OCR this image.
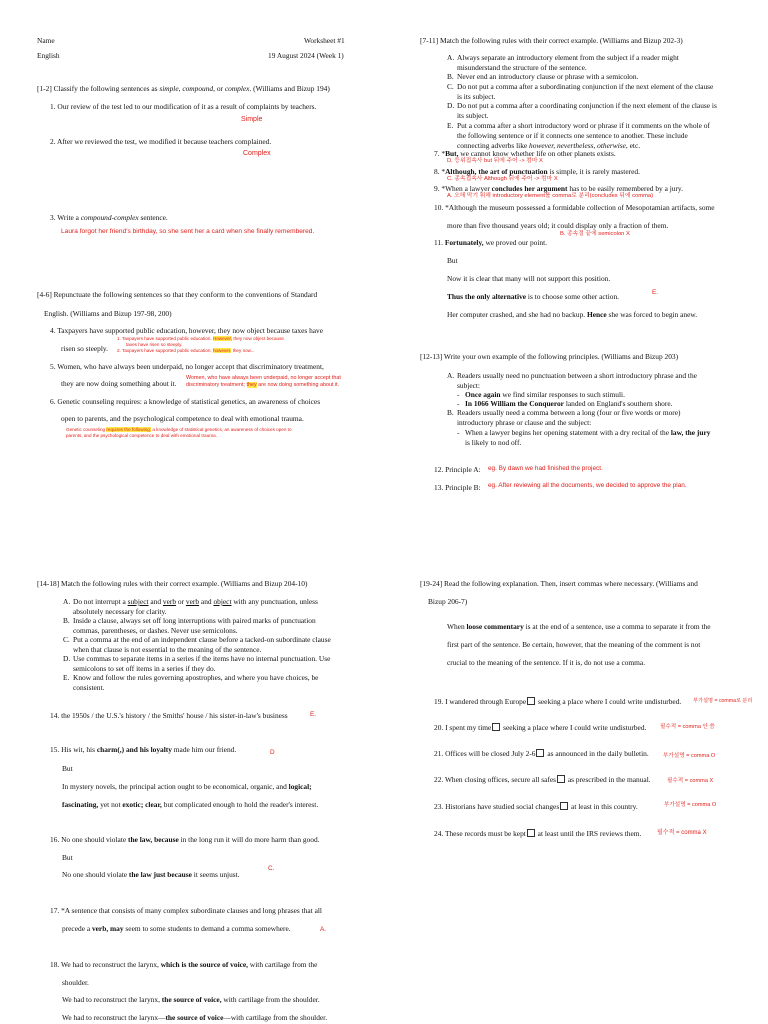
Name	Worksheet #1
English	19 August 2024 (Week 1)
[1-2] Classify the following sentences as simple, compound, or complex. (Williams and Bizup 194)
1. Our review of the test led to our modification of it as a result of complaints by teachers.
Simple
2. After we reviewed the test, we modified it because teachers complained.
Complex
3. Write a compound-complex sentence.
Laura forgot her friend's birthday, so she sent her a card when she finally remembered.
[4-6] Repunctuate the following sentences so that they conform to the conventions of Standard
English. (Williams and Bizup 197-98, 200)
4. Taxpayers have supported public education, however, they now object because taxes have
risen so steeply.
1. Taxpayers have supported public education. However, they now object because
taxes have risen so steeply.
2. Taxpayers have supported public education; however, they now...
5. Women, who have always been underpaid, no longer accept that discriminatory treatment,
they are now doing something about it.
Women, who have always been underpaid, no longer accept that
discriminatory treatment; they are now doing something about it.
6. Genetic counseling requires: a knowledge of statistical genetics, an awareness of choices
open to parents, and the psychological competence to deal with emotional trauma.
Genetic counseling requires the following: a knowledge of statistical genetics, an awareness of choices open to
parents, and the psychological competence to deal with emotional trauma.
[7-11] Match the following rules with their correct example. (Williams and Bizup 202-3)
A. Always separate an introductory element from the subject if a reader might
misunderstand the structure of the sentence.
B. Never end an introductory clause or phrase with a semicolon.
C. Do not put a comma after a subordinating conjunction if the next element of the clause
is its subject.
D. Do not put a comma after a coordinating conjunction if the next element of the clause is
its subject.
E. Put a comma after a short introductory word or phrase if it comments on the whole of
the following sentence or if it connects one sentence to another. These include
connecting adverbs like however, nevertheless, otherwise, etc.
7. *But, we cannot know whether life on other planets exists.
D. 등위접속사 but 뒤에 주어 -> 컴마 X
8. *Although, the art of punctuation is simple, it is rarely mastered.
C. 종속접속사 Although 뒤에 주어 -> 컴마 X
9. *When a lawyer concludes her argument has to be easily remembered by a jury.
A. 오해 막기 위해 introductory element를 comma로 분리(concludes 뒤에 comma)
10. *Although the museum possessed a formidable collection of Mesopotamian artifacts, some
more than five thousand years old; it could display only a fraction of them.
B. 종속절 끝에 semicolon X
11. Fortunately, we proved our point.
But
Now it is clear that many will not support this position.
Thus the only alternative is to choose some other action.	E.
Her computer crashed, and she had no backup. Hence she was forced to begin anew.
[12-13] Write your own example of the following principles. (Williams and Bizup 203)
A. Readers usually need no punctuation between a short introductory phrase and the
subject:
- Once again we find similar responses to such stimuli.
- In 1066 William the Conqueror landed on England's southern shore.
B. Readers usually need a comma between a long (four or five words or more)
introductory phrase or clause and the subject:
- When a lawyer begins her opening statement with a dry recital of the law, the jury
is likely to nod off.
12. Principle A: eg. By dawn we had finished the project.
13. Principle B: eg. After reviewing all the documents, we decided to approve the plan.
[14-18] Match the following rules with their correct example. (Williams and Bizup 204-10)
A. Do not interrupt a subject and verb or verb and object with any punctuation, unless
absolutely necessary for clarity.
B. Inside a clause, always set off long interruptions with paired marks of punctuation
commas, parentheses, or dashes. Never use semicolons.
C. Put a comma at the end of an independent clause before a tacked-on subordinate clause
when that clause is not essential to the meaning of the sentence.
D. Use commas to separate items in a series if the items have no internal punctuation. Use
semicolons to set off items in a series if they do.
E. Know and follow the rules governing apostrophes, and where you have choices, be
consistent.
14. the 1950s / the U.S.'s history / the Smiths' house / his sister-in-law's business	E.
15. His wit, his charm(,) and his loyalty made him our friend.	D
But
In mystery novels, the principal action ought to be economical, organic, and logical;
fascinating, yet not exotic; clear, but complicated enough to hold the reader's interest.
16. No one should violate the law, because in the long run it will do more harm than good.
But
No one should violate the law just because it seems unjust.
C.
17. *A sentence that consists of many complex subordinate clauses and long phrases that all
precede a verb, may seem to some students to demand a comma somewhere.	A.
18. We had to reconstruct the larynx, which is the source of voice, with cartilage from the
shoulder.
We had to reconstruct the larynx, the source of voice, with cartilage from the shoulder.
We had to reconstruct the larynx—the source of voice—with cartilage from the shoulder.
[19-24] Read the following explanation. Then, insert commas where necessary. (Williams and
Bizup 206-7)
When loose commentary is at the end of a sentence, use a comma to separate it from the
first part of the sentence. Be certain, however, that the meaning of the comment is not
crucial to the meaning of the sentence. If it is, do not use a comma.
19. I wandered through Europe seeking a place where I could write undisturbed. 부가설명 = comma로 분리
20. I spent my time seeking a place where I could write undisturbed. 필수적 = comma 안 씀
21. Offices will be closed July 2-6 as announced in the daily bulletin.	부가설명 = comma O
22. When closing offices, secure all safes as prescribed in the manual.	필수적 = comma X
23. Historians have studied social changes at least in this country.	부가설명 = comma O
24. These records must be kept at least until the IRS reviews them.	필수적 = comma X
